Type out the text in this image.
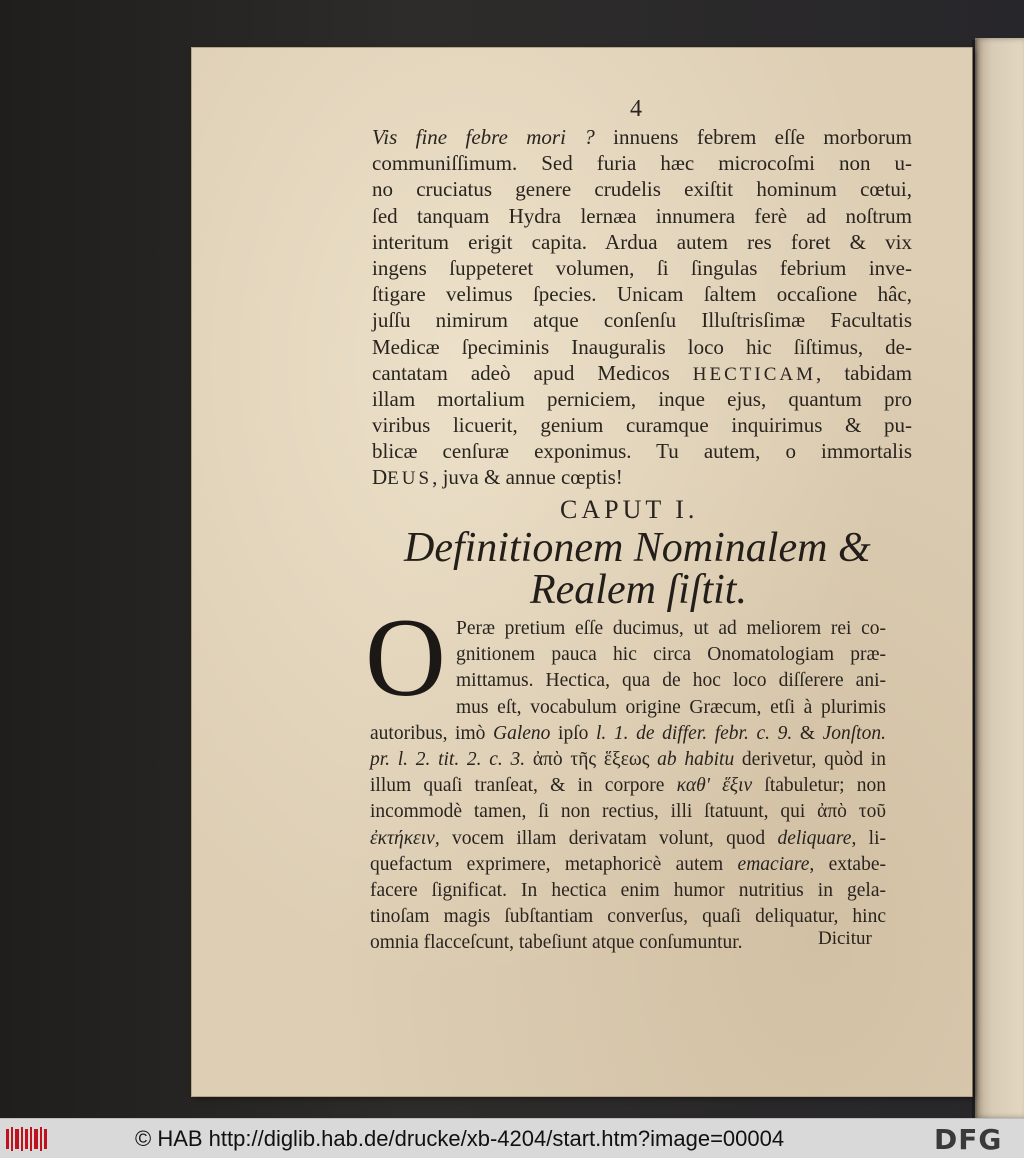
4
Vis fine febre mori ? innuens febrem eſſe morborum
communiſſimum. Sed furia hæc microcoſmi non u-
no cruciatus genere crudelis exiſtit hominum cœtui,
ſed tanquam Hydra lernæa innumera ferè ad noſtrum
interitum erigit capita. Ardua autem res foret & vix
ingens ſuppeteret volumen, ſi ſingulas febrium inve-
ſtigare velimus ſpecies. Unicam ſaltem occaſione hâc,
juſſu nimirum atque conſenſu Illuſtrisſimæ Facultatis
Medicæ ſpeciminis Inauguralis loco hic ſiſtimus, de-
cantatam adeò apud Medicos HECTICAM, tabidam
illam mortalium perniciem, inque ejus, quantum pro
viribus licuerit, genium curamque inquirimus & pu-
blicæ cenſuræ exponimus. Tu autem, o immortalis
DEUS, juva & annue cœptis!
CAPUT I.
Definitionem Nominalem &
Realem ſiſtit.
O Peræ pretium eſſe ducimus, ut ad meliorem rei co-
gnitionem pauca hic circa Onomatologiam præ-
mittamus. Hectica, qua de hoc loco diſſerere ani-
mus eſt, vocabulum origine Græcum, etſi à plurimis
autoribus, imò Galeno ipſo l. 1. de differ. febr. c. 9. & Jonſton.
pr. l. 2. tit. 2. c. 3. ἀπὸ τῆς ἕξεως ab habitu derivetur, quòd in
illum quaſi tranſeat, & in corpore καθ' ἕξιν ſtabuletur; non
incommodè tamen, ſi non rectius, illi ſtatuunt, qui ἀπὸ τοῦ
ἐκτήκειν, vocem illam derivatam volunt, quod deliquare, li-
quefactum exprimere, metaphoricè autem emaciare, extabe-
facere ſignificat. In hectica enim humor nutritius in gela-
tinoſam magis ſubſtantiam converſus, quaſi deliquatur, hinc
omnia flacceſcunt, tabeſiunt atque conſumuntur.	Dicitur
© HAB http://diglib.hab.de/drucke/xb-4204/start.htm?image=00004	DFG
